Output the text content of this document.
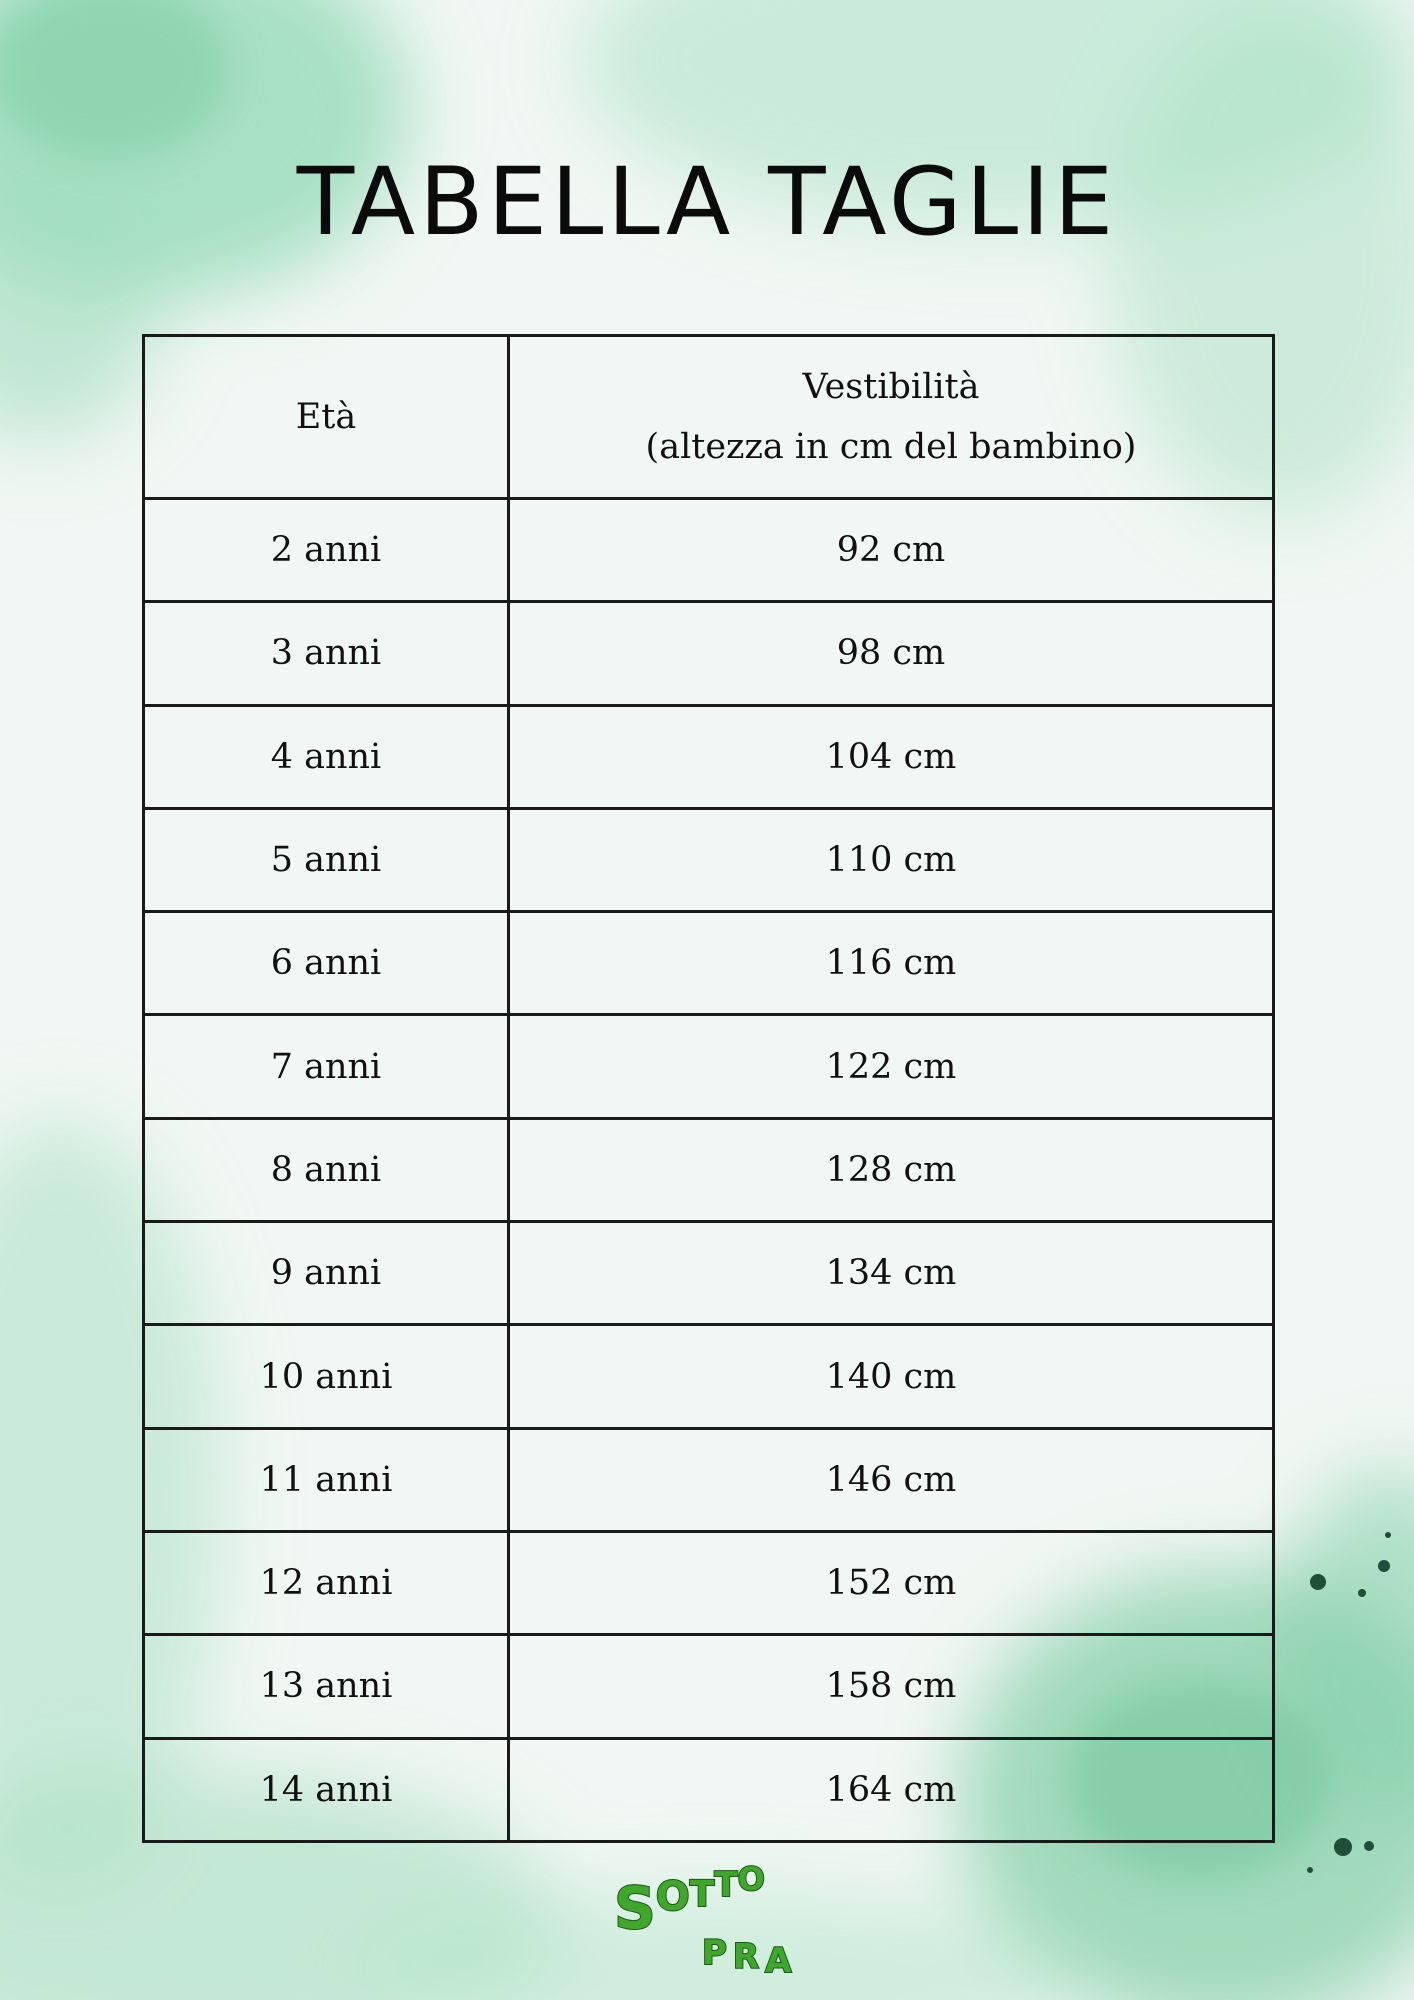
TABELLA TAGLIE
Età	Vestibilità
(altezza in cm del bambino)

2 anni	92 cm
3 anni	98 cm
4 anni	104 cm
5 anni	110 cm
6 anni	116 cm
7 anni	122 cm
8 anni	128 cm
9 anni	134 cm
10 anni	140 cm
11 anni	146 cm
12 anni	152 cm
13 anni	158 cm
14 anni	164 cm
$S^OTTO$
PRA
